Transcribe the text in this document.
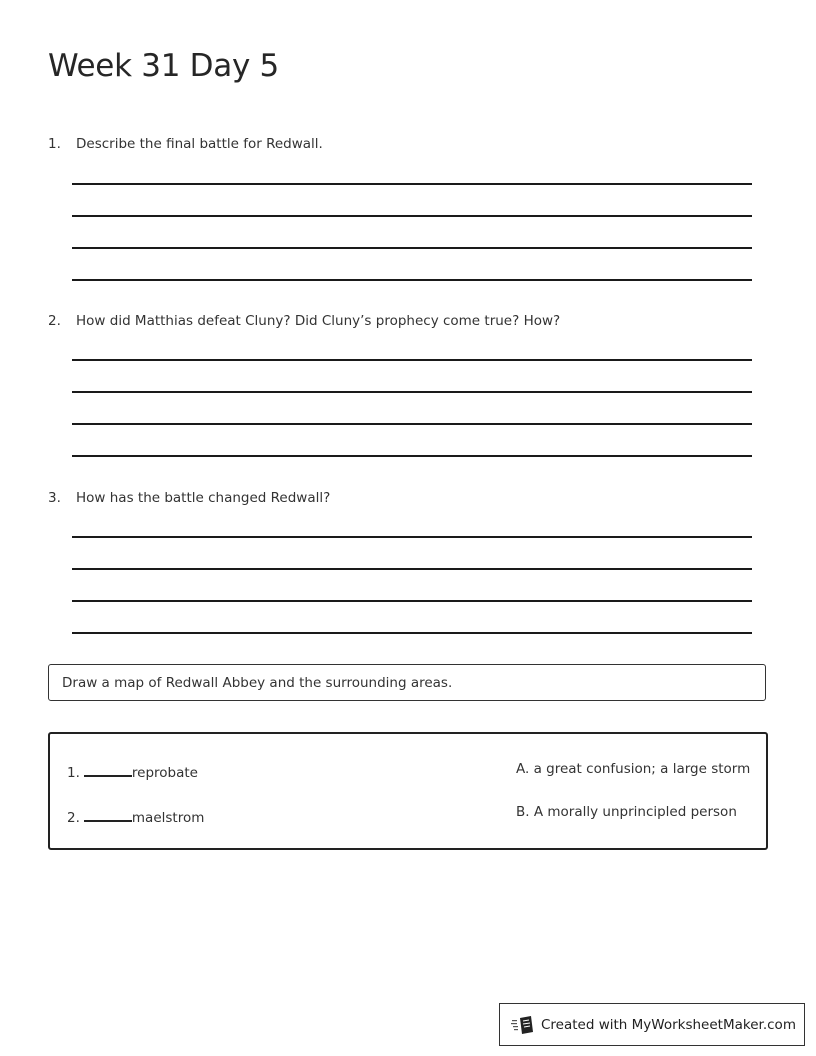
Week 31 Day 5
1. Describe the final battle for Redwall.
2. How did Matthias defeat Cluny? Did Cluny’s prophecy come true? How?
3. How has the battle changed Redwall?
Draw a map of Redwall Abbey and the surrounding areas.
1.	reprobate
2.	maelstrom
A. a great confusion; a large storm
B. A morally unprincipled person
Created with MyWorksheetMaker.com
